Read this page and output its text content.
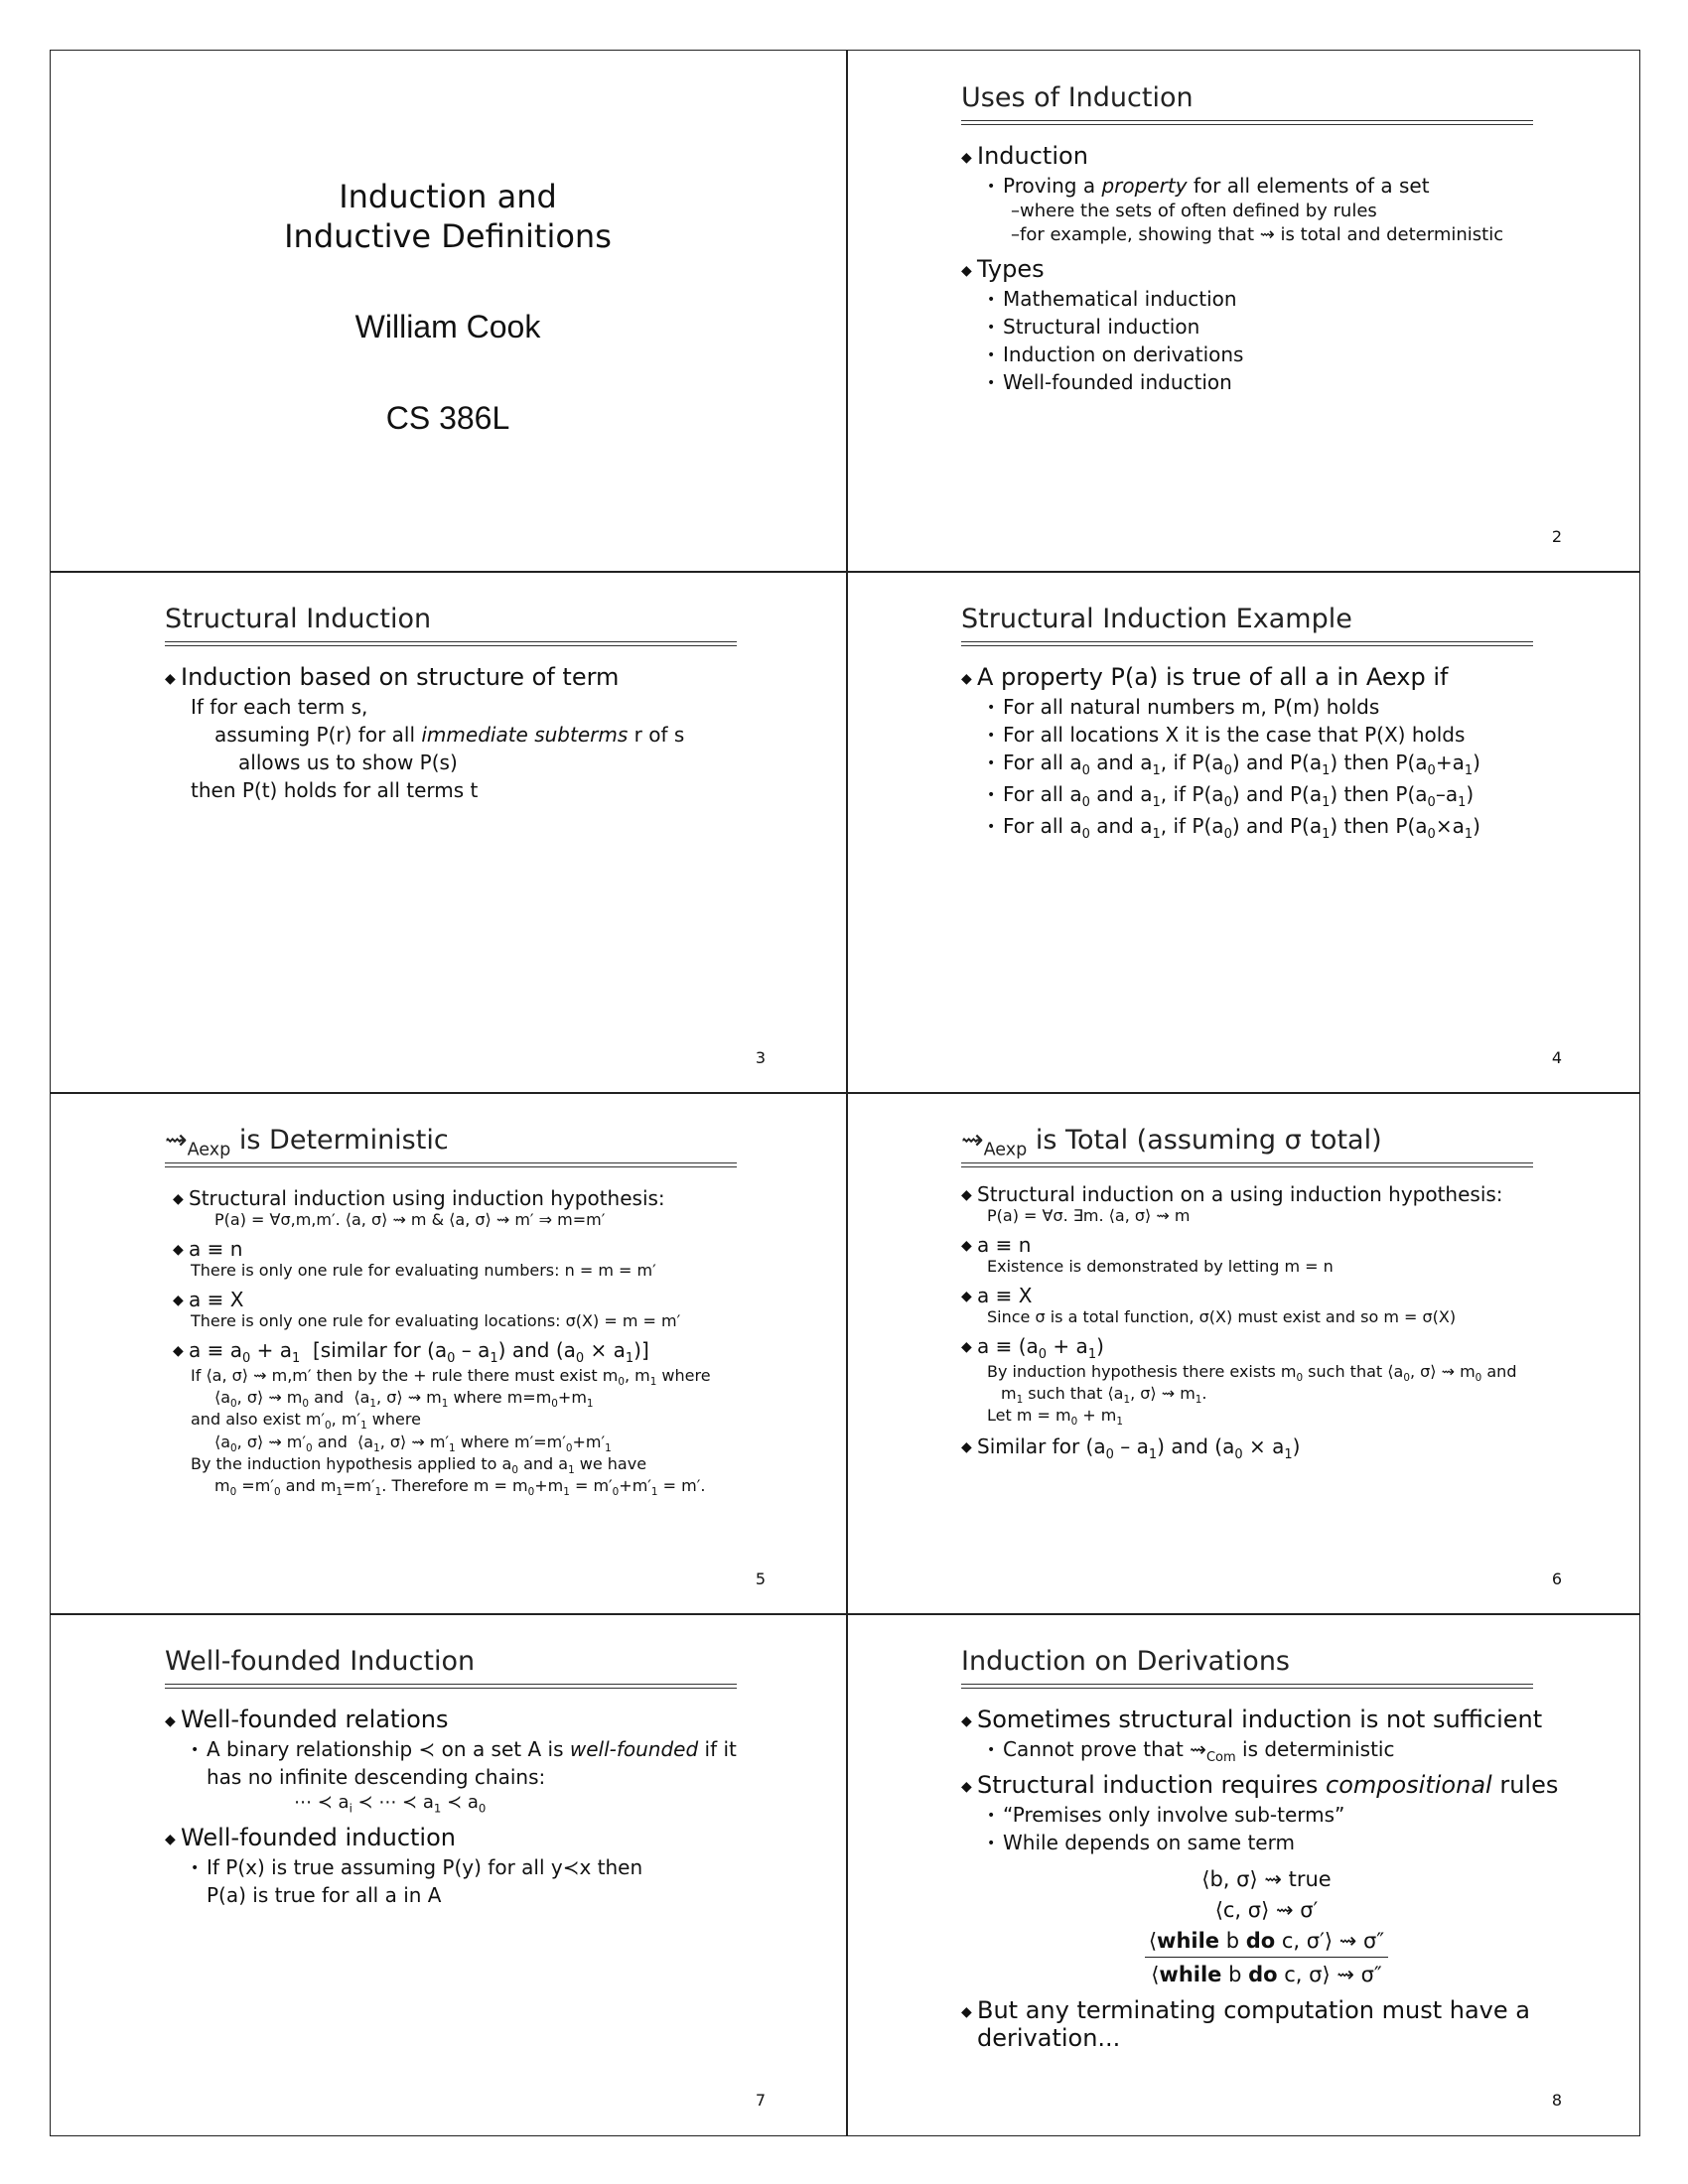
Induction and
Inductive Definitions
William Cook
CS 386L
Uses of Induction
◆ Induction
• Proving a property for all elements of a set
–where the sets of often defined by rules
–for example, showing that ⇝ is total and deterministic
◆ Types
• Mathematical induction
• Structural induction
• Induction on derivations
• Well-founded induction
2
Structural Induction
◆ Induction based on structure of term
If for each term s,
assuming P(r) for all immediate subterms r of s
allows us to show P(s)
then P(t) holds for all terms t
3
Structural Induction Example
◆ A property P(a) is true of all a in Aexp if
• For all natural numbers m, P(m) holds
• For all locations X it is the case that P(X) holds
• For all $a_0$ and $a_1$, if $P(a_0)$ and $P(a_1)$ then $P(a_0+a_1)$
• For all $a_0$ and $a_1$, if $P(a_0)$ and $P(a_1)$ then $P(a_0-a_1)$
• For all $a_0$ and $a_1$, if $P(a_0)$ and $P(a_1)$ then $P(a_0\times a_1)$
4
$⇝_{Aexp}$ is Deterministic
◆ Structural induction using induction hypothesis:
P(a) = ∀σ,m,m′. ⟨a, σ⟩ ⇝ m & ⟨a, σ⟩ ⇝ m′ ⇒ m=m′
◆ a ≡ n
There is only one rule for evaluating numbers: n = m = m′
◆ a ≡ X
There is only one rule for evaluating locations: σ(X) = m = m′
◆ $a \equiv a_0 + a_1$  [similar for $(a_0 - a_1)$ and $(a_0 \times a_1)$]
If ⟨a, σ⟩ ⇝ m,m′ then by the + rule there must exist $m_0$, $m_1$ where
$⟨a_0$, σ⟩ ⇝ $m_0$ and  $⟨a_1$, σ⟩ ⇝ $m_1$ where $m=m_0+m_1$
and also exist $m'_0$, $m'_1$ where
$⟨a_0$, σ⟩ ⇝ $m'_0$ and  $⟨a_1$, σ⟩ ⇝ $m'_1$ where $m'=m'_0+m'_1$
By the induction hypothesis applied to $a_0$ and $a_1$ we have
$m_0 =m'_0$ and $m_1=m'_1$. Therefore $m = m_0+m_1 = m'_0+m'_1 = m'$.
5
$⇝_{Aexp}$ is Total (assuming σ total)
◆ Structural induction on a using induction hypothesis:
P(a) = ∀σ. ∃m. ⟨a, σ⟩ ⇝ m
◆ a ≡ n
Existence is demonstrated by letting m = n
◆ a ≡ X
Since σ is a total function, σ(X) must exist and so m = σ(X)
◆ $a \equiv (a_0 + a_1)$
By induction hypothesis there exists $m_0$ such that $⟨a_0$, σ⟩ ⇝ $m_0$ and
$m_1$ such that $⟨a_1$, σ⟩ ⇝ $m_1$.
Let $m = m_0 + m_1$
◆ Similar for $(a_0 - a_1)$ and $(a_0 \times a_1)$
6
Well-founded Induction
◆ Well-founded relations
• A binary relationship ≺ on a set A is well-founded if it
has no infinite descending chains:
⋯ ≺ $a_i$ ≺ ⋯ ≺ $a_1$ ≺ $a_0$
◆ Well-founded induction
• If P(x) is true assuming P(y) for all y≺x then
P(a) is true for all a in A
7
Induction on Derivations
◆ Sometimes structural induction is not sufficient
• Cannot prove that $⇝_{Com}$ is deterministic
◆ Structural induction requires compositional rules
• “Premises only involve sub-terms”
• While depends on same term
⟨b, σ⟩ ⇝ true
⟨c, σ⟩ ⇝ σ′
⟨while b do c, σ′⟩ ⇝ σ″
⟨while b do c, σ⟩ ⇝ σ″
◆ But any terminating computation must have a
derivation...
8
